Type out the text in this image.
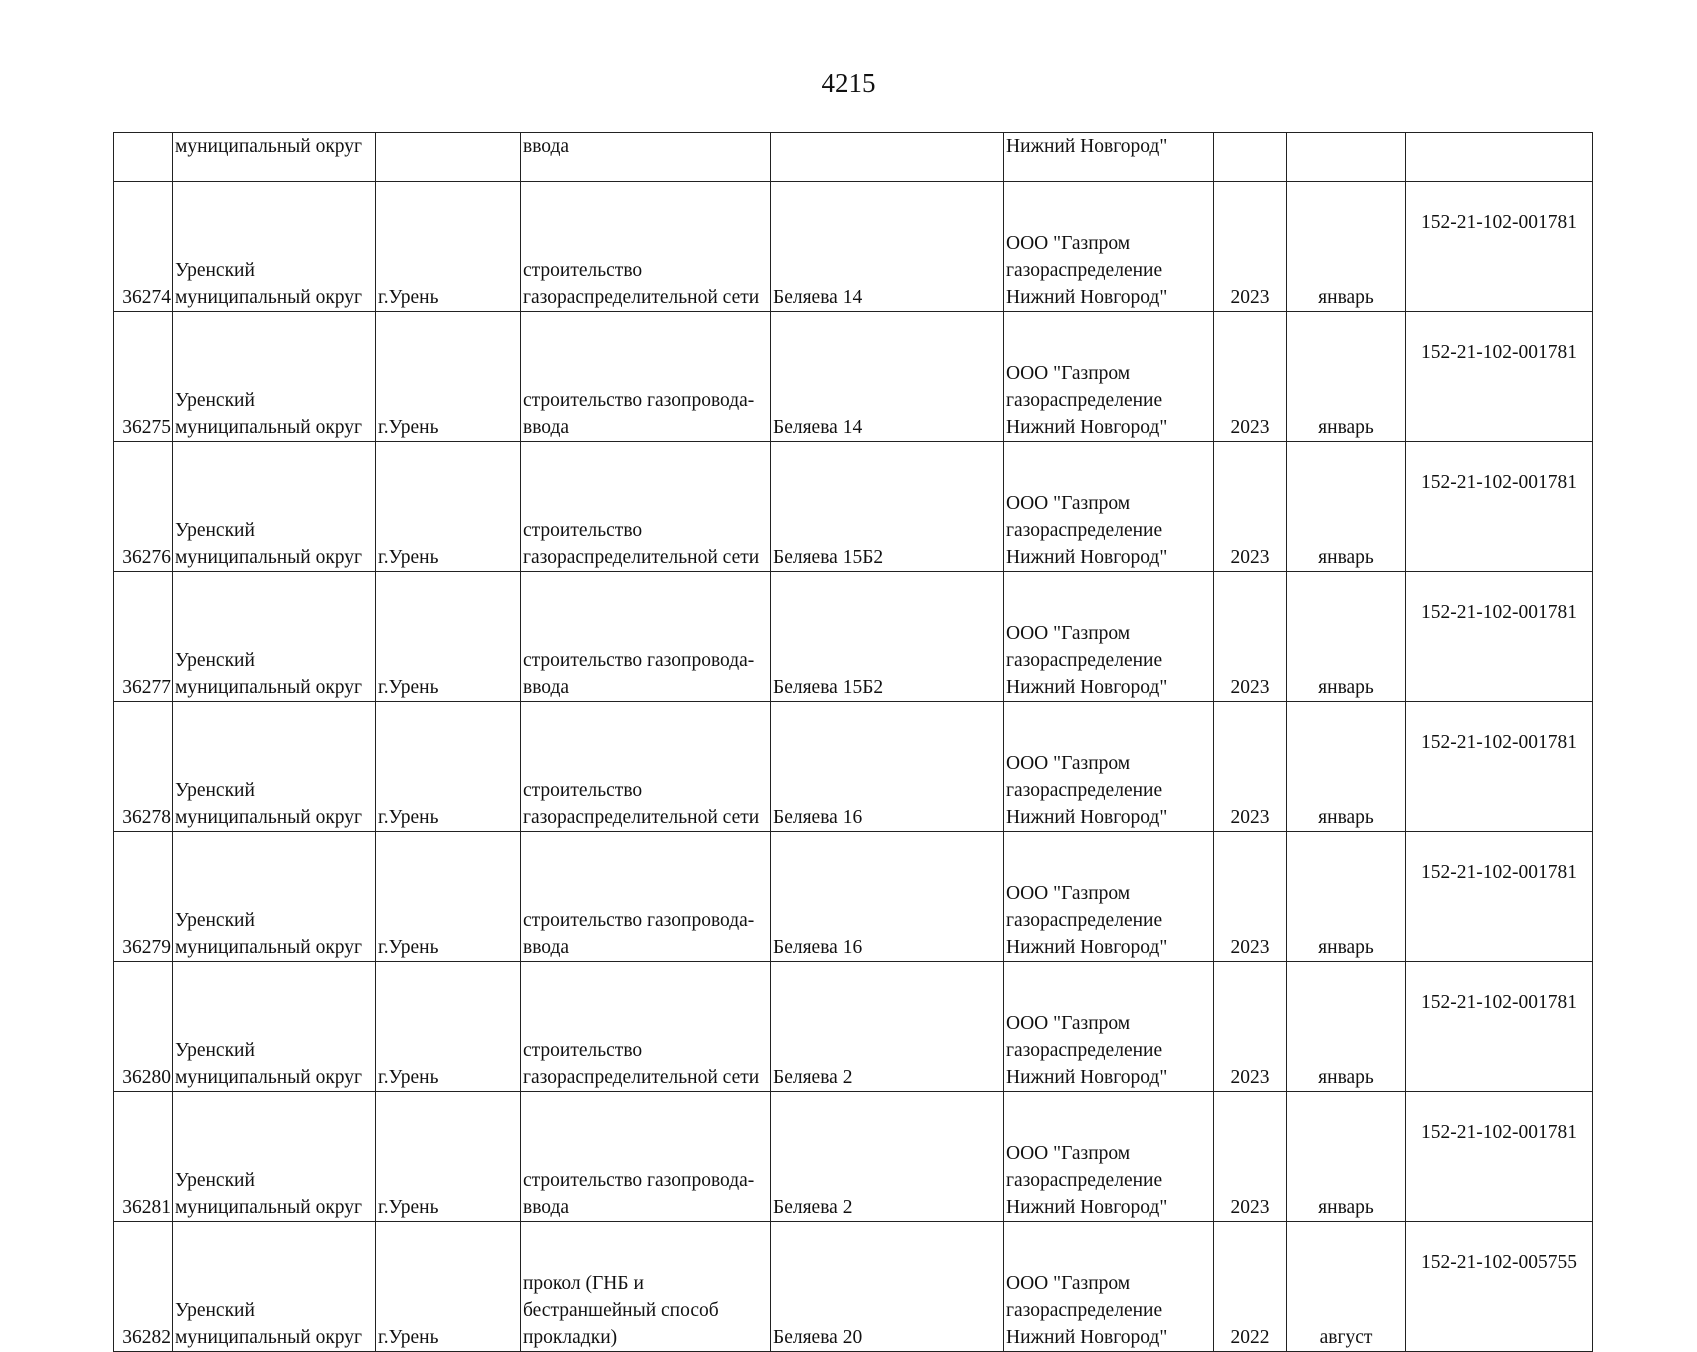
4215

	муниципальный округ		ввода		Нижний Новгород"			

36274	Уренский
муниципальный округ	г.Урень	строительство
газораспределительной сети	Беляева 14	ООО "Газпром
газораспределение
Нижний Новгород"	2023	январь	152-21-102-001781
36275	Уренский
муниципальный округ	г.Урень	строительство газопровода-
ввода	Беляева 14	ООО "Газпром
газораспределение
Нижний Новгород"	2023	январь	152-21-102-001781
36276	Уренский
муниципальный округ	г.Урень	строительство
газораспределительной сети	Беляева 15Б2	ООО "Газпром
газораспределение
Нижний Новгород"	2023	январь	152-21-102-001781
36277	Уренский
муниципальный округ	г.Урень	строительство газопровода-
ввода	Беляева 15Б2	ООО "Газпром
газораспределение
Нижний Новгород"	2023	январь	152-21-102-001781
36278	Уренский
муниципальный округ	г.Урень	строительство
газораспределительной сети	Беляева 16	ООО "Газпром
газораспределение
Нижний Новгород"	2023	январь	152-21-102-001781
36279	Уренский
муниципальный округ	г.Урень	строительство газопровода-
ввода	Беляева 16	ООО "Газпром
газораспределение
Нижний Новгород"	2023	январь	152-21-102-001781
36280	Уренский
муниципальный округ	г.Урень	строительство
газораспределительной сети	Беляева 2	ООО "Газпром
газораспределение
Нижний Новгород"	2023	январь	152-21-102-001781
36281	Уренский
муниципальный округ	г.Урень	строительство газопровода-
ввода	Беляева 2	ООО "Газпром
газораспределение
Нижний Новгород"	2023	январь	152-21-102-001781
36282	Уренский
муниципальный округ	г.Урень	прокол (ГНБ и
бестраншейный способ
прокладки)	Беляева 20	ООО "Газпром
газораспределение
Нижний Новгород"	2022	август	152-21-102-005755
